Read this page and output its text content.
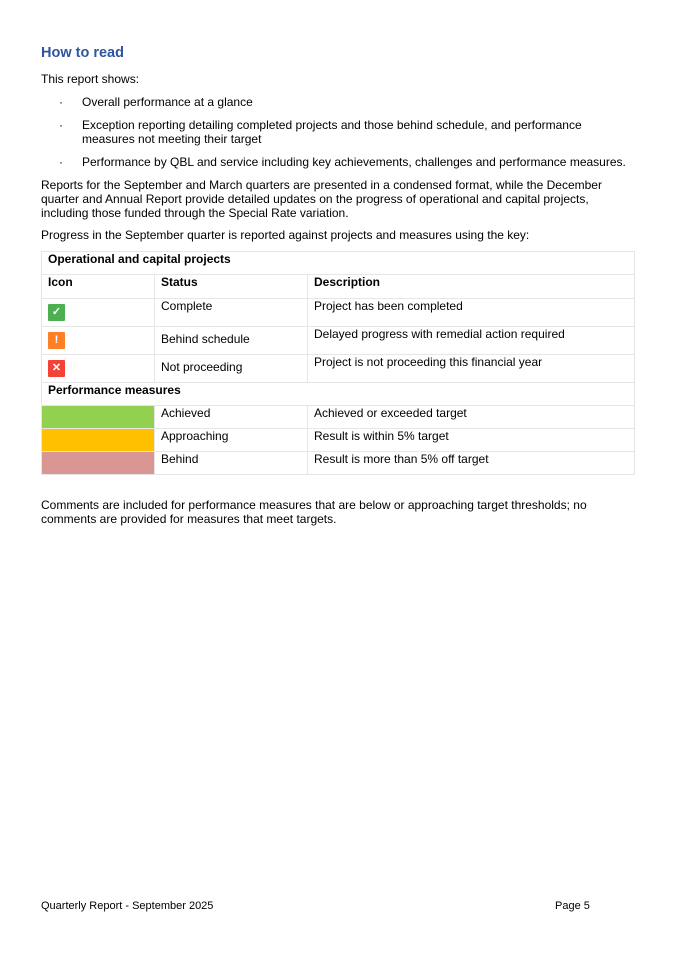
How to read

This report shows:

· Overall performance at a glance
· Exception reporting detailing completed projects and those behind schedule, and performance measures not meeting their target
· Performance by QBL and service including key achievements, challenges and performance measures.

Reports for the September and March quarters are presented in a condensed format, while the December quarter and Annual Report provide detailed updates on the progress of operational and capital projects, including those funded through the Special Rate variation.

Progress in the September quarter is reported against projects and measures using the key:

Operational and capital projects		
Icon	Status	Description
✓	Complete	Project has been completed
!	Behind schedule	Delayed progress with remedial action required
✕	Not proceeding	Project is not proceeding this financial year
Performance measures		
	Achieved	Achieved or exceeded target
	Approaching	Result is within 5% target
	Behind	Result is more than 5% off target

Comments are included for performance measures that are below or approaching target thresholds; no comments are provided for measures that meet targets.

Quarterly Report - September 2025	Page 5
